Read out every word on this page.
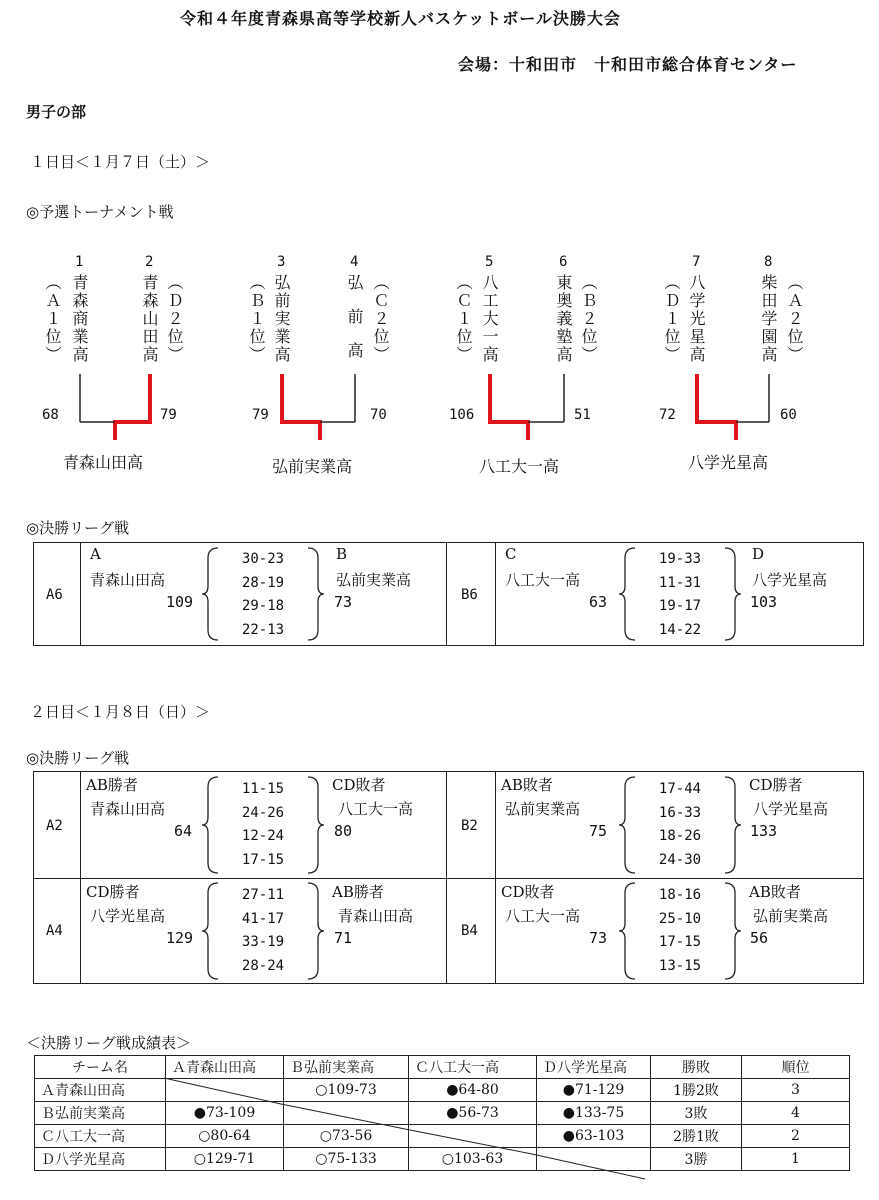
令和４年度青森県高等学校新人バスケットボール決勝大会
会場：十和田市　十和田市総合体育センター
男子の部
１日目＜１月７日（土）＞
◎予選トーナメント戦
1
（Ａ１位） 青森商業高
2
青森山田高 （Ｄ２位）
68	79
青森山田高
3
（Ｂ１位） 弘前実業高
4
弘前高 （Ｃ２位）
79	70
弘前実業高
5
（Ｃ１位） 八工大一高
6
東奥義塾高 （Ｂ２位）
106	51
八工大一高
7
（Ｄ１位） 八学光星高
8
柴田学園高 （Ａ２位）
72	60
八学光星高
◎決勝リーグ戦
A6
A
青森山田高
109
30-23
28-19
29-18
22-13
B
弘前実業高
73	B6
C
八工大一高
63
19-33
11-31
19-17
14-22
D
八学光星高
103
２日目＜１月８日（日）＞
◎決勝リーグ戦
A2
AB勝者
青森山田高
64
11-15
24-26
12-24
17-15
CD敗者
八工大一高
80	B2
AB敗者
弘前実業高
75
17-44
16-33
18-26
24-30
CD勝者
八学光星高
133
A4
CD勝者
八学光星高
129
27-11
41-17
33-19
28-24
AB勝者
青森山田高
71	B4
CD敗者
八工大一高
73
18-16
25-10
17-15
13-15
AB敗者
弘前実業高
56
＜決勝リーグ戦成績表＞
チーム名	Ａ青森山田高	Ｂ弘前実業高	Ｃ八工大一高	Ｄ八学光星高	勝敗	順位
Ａ青森山田高		○109-73	●64-80	●71-129	1勝2敗	3
Ｂ弘前実業高	●73-109		●56-73	●133-75	3敗	4
Ｃ八工大一高	○80-64	○73-56		●63-103	2勝1敗	2
Ｄ八学光星高	○129-71	○75-133	○103-63		3勝	1
